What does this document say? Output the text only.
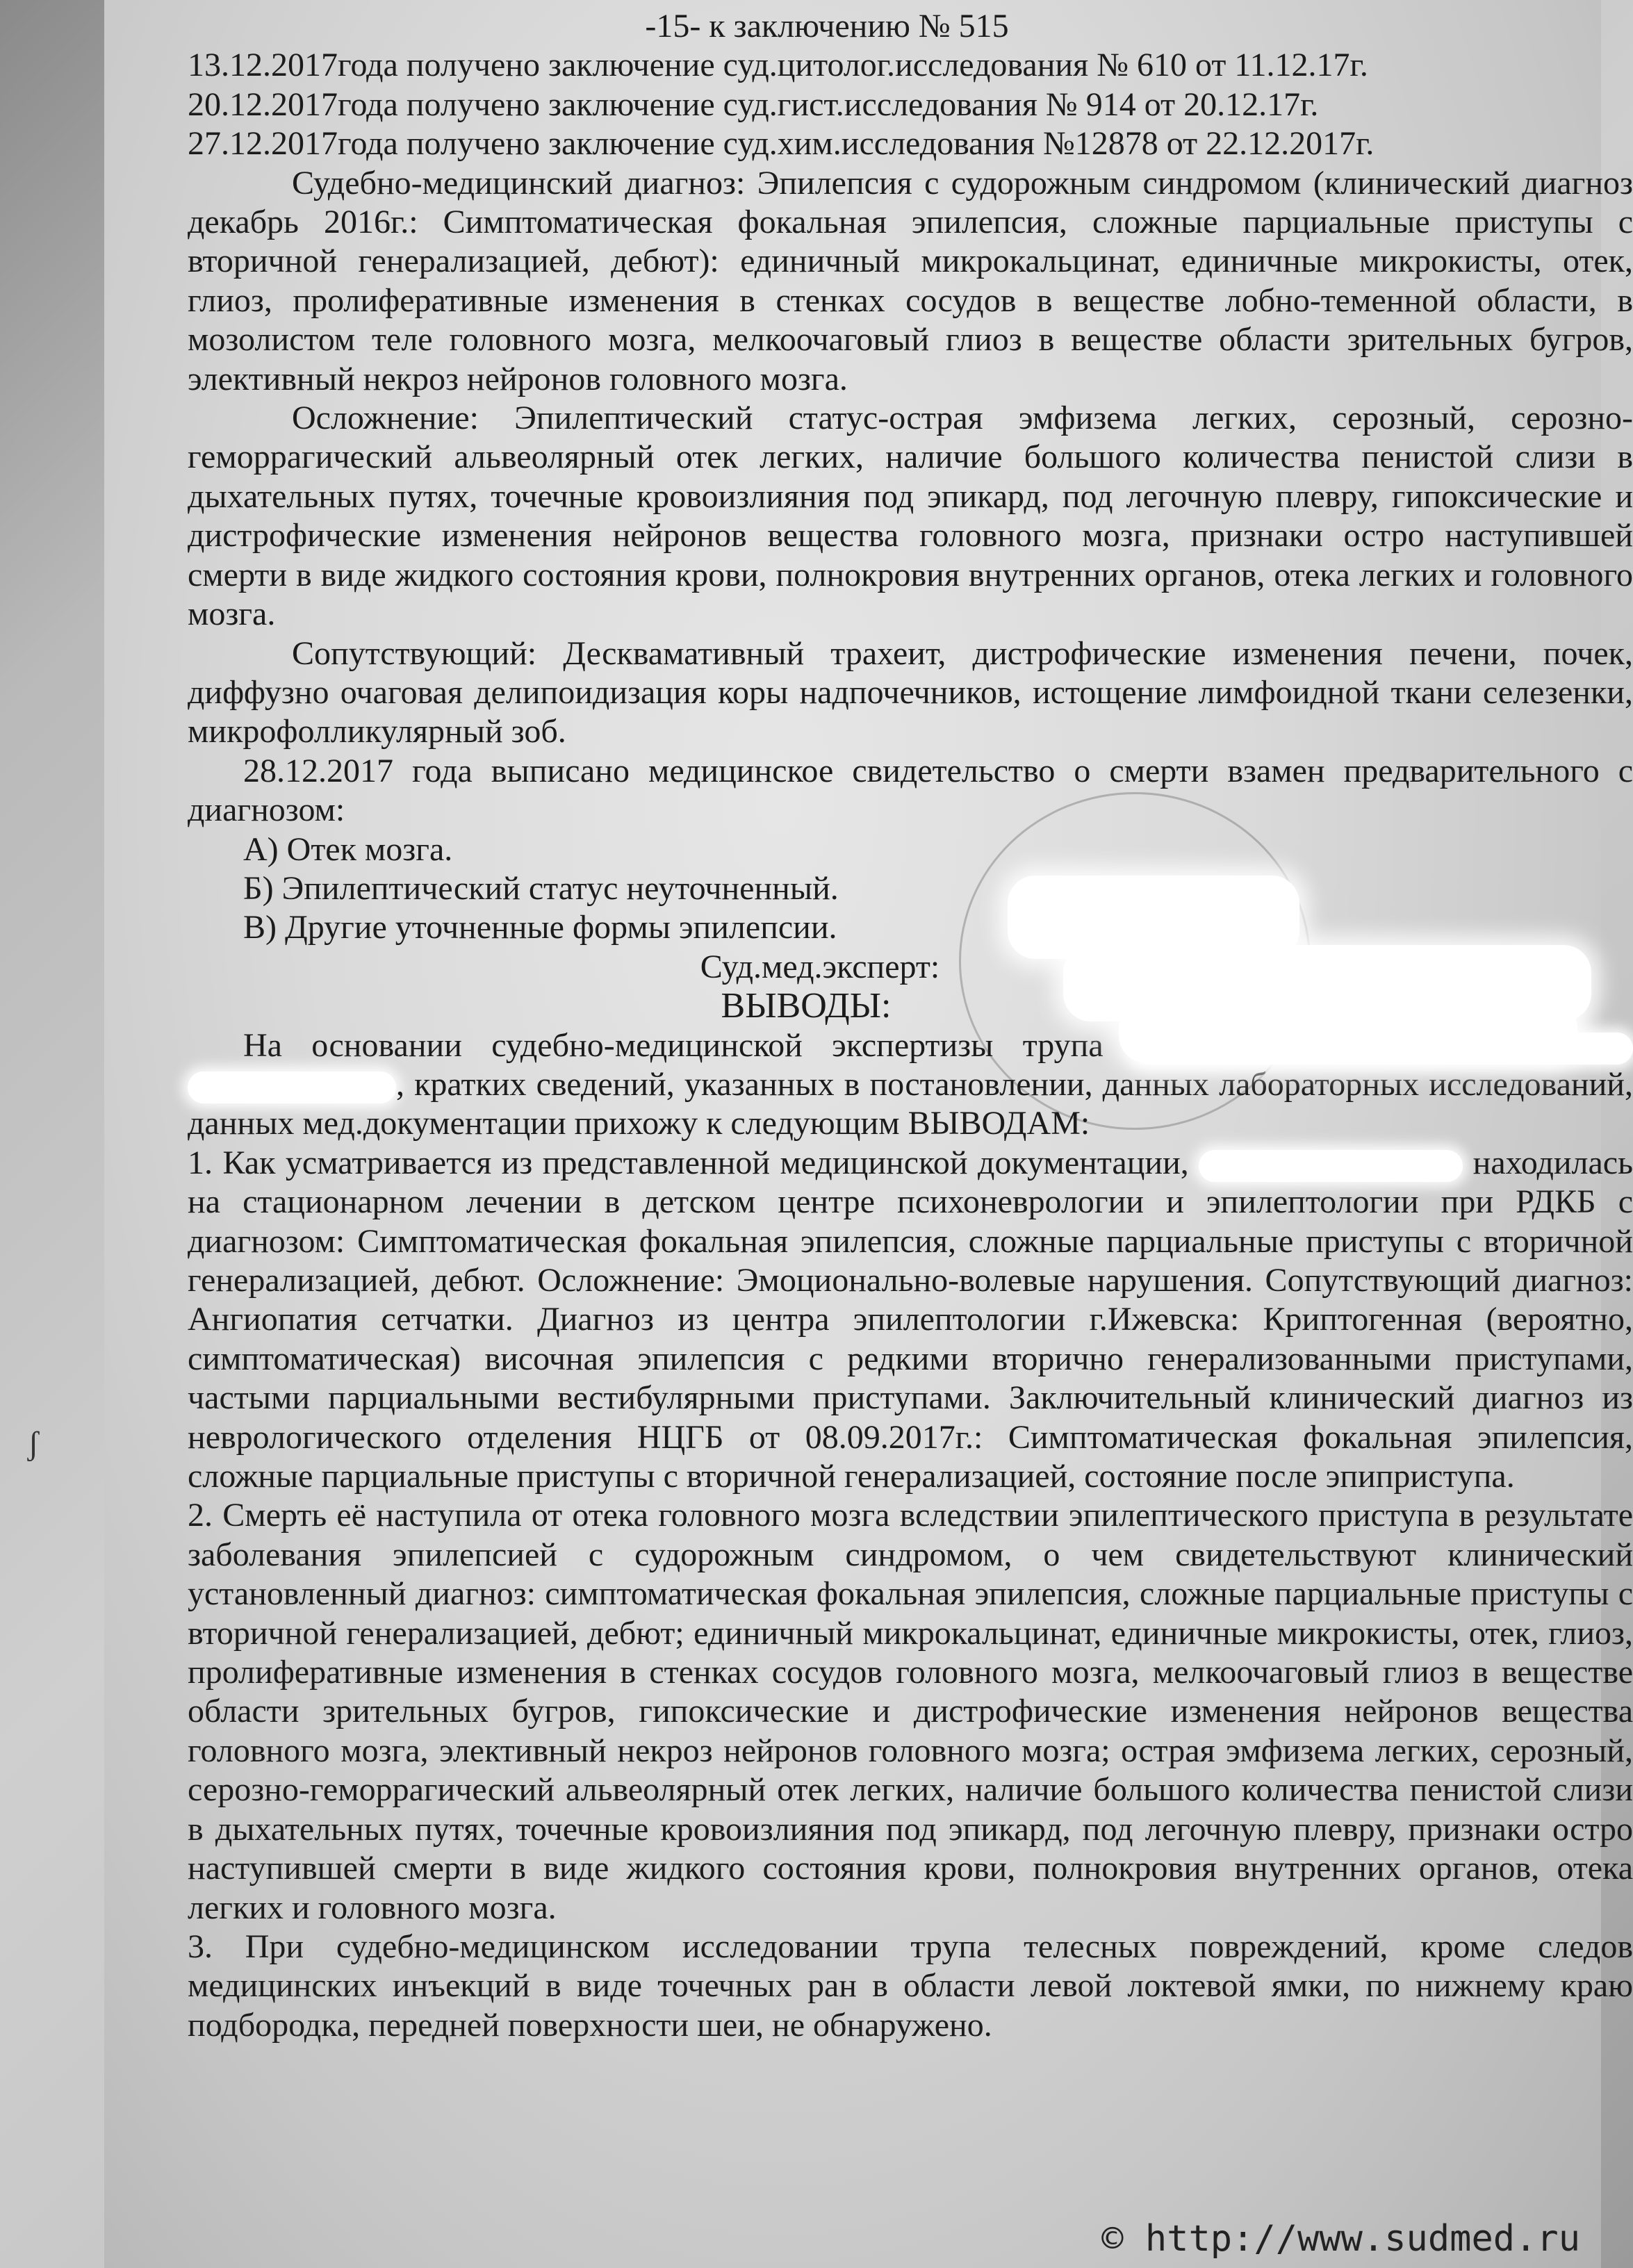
-15- к заключению № 515

13.12.2017года получено заключение суд.цитолог.исследования № 610 от 11.12.17г.

20.12.2017года получено заключение суд.гист.исследования № 914 от 20.12.17г.

27.12.2017года получено заключение суд.хим.исследования №12878 от 22.12.2017г.

Судебно-медицинский диагноз: Эпилепсия с судорожным синдромом (клинический диагноз декабрь 2016г.: Симптоматическая фокальная эпилепсия, сложные парциальные приступы с вторичной генерализацией, дебют): единичный микрокальцинат, единичные микрокисты, отек, глиоз, пролиферативные изменения в стенках сосудов в веществе лобно-теменной области, в мозолистом теле головного мозга, мелкоочаговый глиоз в веществе области зрительных бугров, элективный некроз нейронов головного мозга.

Осложнение: Эпилептический статус-острая эмфизема легких, серозный, серозно-геморрагический альвеолярный отек легких, наличие большого количества пенистой слизи в дыхательных путях, точечные кровоизлияния под эпикард, под легочную плевру, гипоксические и дистрофические изменения нейронов вещества головного мозга, признаки остро наступившей смерти в виде жидкого состояния крови, полнокровия внутренних органов, отека легких и головного мозга.

Сопутствующий: Десквамативный трахеит, дистрофические изменения печени, почек, диффузно очаговая делипоидизация коры надпочечников, истощение лимфоидной ткани селезенки, микрофолликулярный зоб.

28.12.2017 года выписано медицинское свидетельство о смерти взамен предварительного с диагнозом:

А) Отек мозга.

Б) Эпилептический статус неуточненный.

В) Другие уточненные формы эпилепсии.

Суд.мед.эксперт:

ВЫВОДЫ:

На основании судебно-медицинской экспертизы трупа  , кратких сведений, указанных в постановлении, данных лабораторных исследований, данных мед.документации прихожу к следующим ВЫВОДАМ:

1. Как усматривается из представленной медицинской документации,	находилась на стационарном лечении в детском центре психоневрологии и эпилептологии при РДКБ с диагнозом: Симптоматическая фокальная эпилепсия, сложные парциальные приступы с вторичной генерализацией, дебют. Осложнение: Эмоционально-волевые нарушения. Сопутствующий диагноз: Ангиопатия сетчатки. Диагноз из центра эпилептологии г.Ижевска: Криптогенная (вероятно, симптоматическая) височная эпилепсия с редкими вторично генерализованными приступами, частыми парциальными вестибулярными приступами. Заключительный клинический диагноз из неврологического отделения НЦГБ от 08.09.2017г.: Симптоматическая фокальная эпилепсия, сложные парциальные приступы с вторичной генерализацией, состояние после эпиприступа.

2. Смерть её наступила от отека головного мозга вследствии эпилептического приступа в результате заболевания эпилепсией с судорожным синдромом, о чем свидетельствуют клинический установленный диагноз: симптоматическая фокальная эпилепсия, сложные парциальные приступы с вторичной генерализацией, дебют; единичный микрокальцинат, единичные микрокисты, отек, глиоз, пролиферативные изменения в стенках сосудов головного мозга, мелкоочаговый глиоз в веществе области зрительных бугров, гипоксические и дистрофические изменения нейронов вещества головного мозга, элективный некроз нейронов головного мозга; острая эмфизема легких, серозный, серозно-геморрагический альвеолярный отек легких, наличие большого количества пенистой слизи в дыхательных путях, точечные кровоизлияния под эпикард, под легочную плевру, признаки остро наступившей смерти в виде жидкого состояния крови, полнокровия внутренних органов, отека легких и головного мозга.

3. При судебно-медицинском исследовании трупа телесных повреждений, кроме следов медицинских инъекций в виде точечных ран в области левой локтевой ямки, по нижнему краю подбородка, передней поверхности шеи, не обнаружено.

ʃ
© http://www.sudmed.ru
